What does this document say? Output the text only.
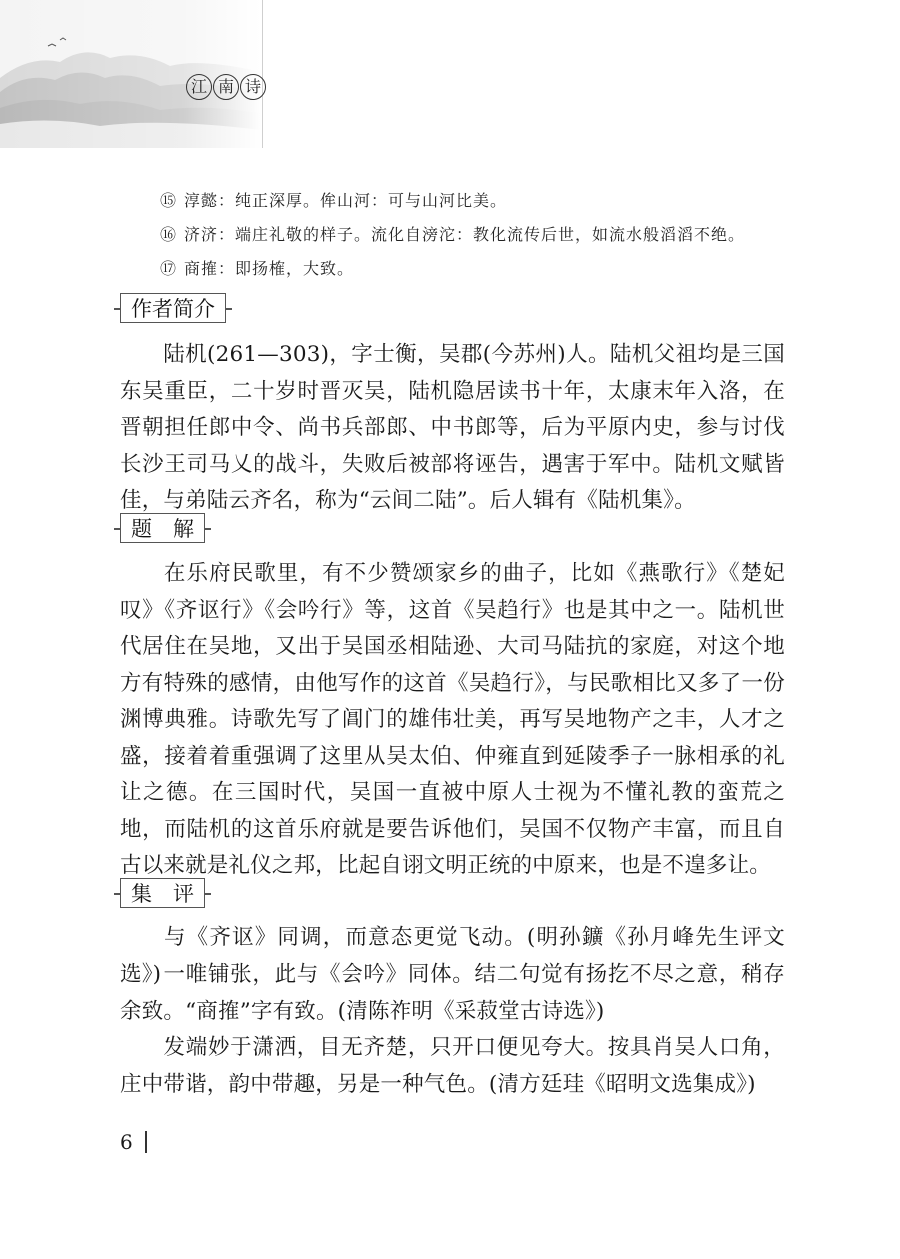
江 南 诗
⑮ 淳懿：纯正深厚。侔山河：可与山河比美。
⑯ 济济：端庄礼敬的样子。流化自滂沱：教化流传后世，如流水般滔滔不绝。
⑰ 商搉：即扬榷，大致。
作者简介

陆机(261—303)，字士衡，吴郡(今苏州)人。陆机父祖均是三国东吴重臣，二十岁时晋灭吴，陆机隐居读书十年，太康末年入洛，在晋朝担任郎中令、尚书兵部郎、中书郎等，后为平原内史，参与讨伐长沙王司马乂的战斗，失败后被部将诬告，遇害于军中。陆机文赋皆佳，与弟陆云齐名，称为“云间二陆”。后人辑有《陆机集》。

题　解

在乐府民歌里，有不少赞颂家乡的曲子，比如《燕歌行》《楚妃叹》《齐讴行》《会吟行》等，这首《吴趋行》也是其中之一。陆机世代居住在吴地，又出于吴国丞相陆逊、大司马陆抗的家庭，对这个地方有特殊的感情，由他写作的这首《吴趋行》，与民歌相比又多了一份渊博典雅。诗歌先写了阊门的雄伟壮美，再写吴地物产之丰，人才之盛，接着着重强调了这里从吴太伯、仲雍直到延陵季子一脉相承的礼让之德。在三国时代，吴国一直被中原人士视为不懂礼教的蛮荒之地，而陆机的这首乐府就是要告诉他们，吴国不仅物产丰富，而且自古以来就是礼仪之邦，比起自诩文明正统的中原来，也是不遑多让。

集　评

与《齐讴》同调，而意态更觉飞动。(明孙鑛《孙月峰先生评文选》) 一唯铺张，此与《会吟》同体。结二句觉有扬扢不尽之意，稍存余致。“商搉”字有致。(清陈祚明《采菽堂古诗选》)

发端妙于潇洒，目无齐楚，只开口便见夸大。按具肖吴人口角，庄中带谐，韵中带趣，另是一种气色。(清方廷珪《昭明文选集成》)

6
